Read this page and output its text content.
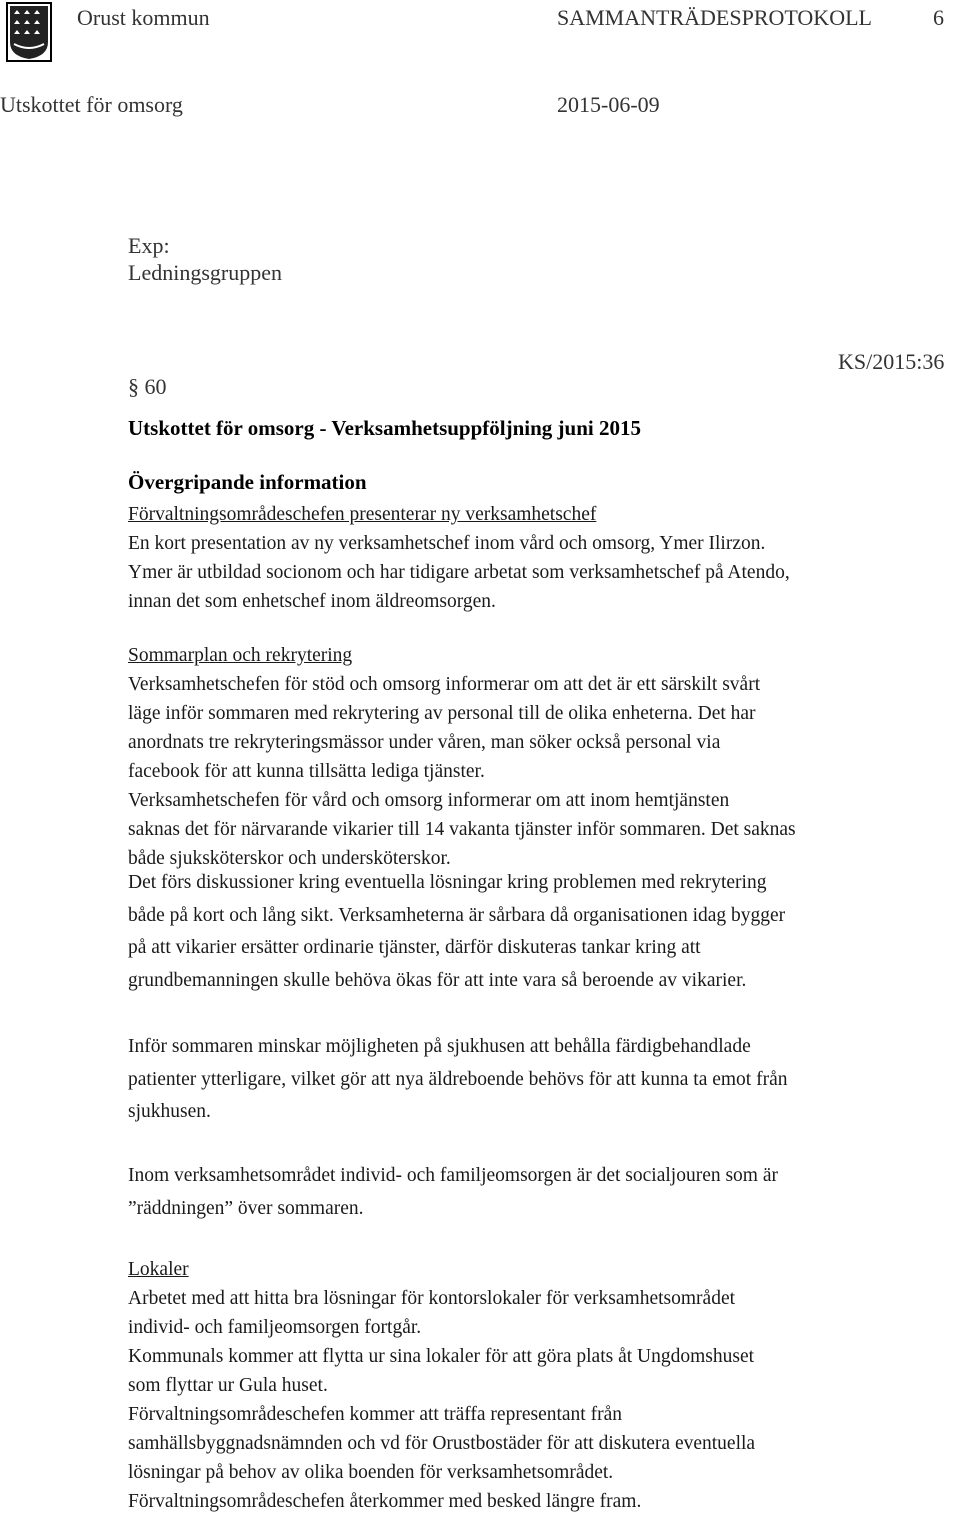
Orust kommun	SAMMANTRÄDESPROTOKOLL	6
Utskottet för omsorg	2015-06-09
Exp:
Ledningsgruppen
§ 60
KS/2015:36
Utskottet för omsorg - Verksamhetsuppföljning juni 2015
Övergripande information

Förvaltningsområdeschefen presenterar ny verksamhetschef

En kort presentation av ny verksamhetschef inom vård och omsorg, Ymer Ilirzon.

Ymer är utbildad socionom och har tidigare arbetat som verksamhetschef på Atendo,

innan det som enhetschef inom äldreomsorgen.

Sommarplan och rekrytering

Verksamhetschefen för stöd och omsorg informerar om att det är ett särskilt svårt

läge inför sommaren med rekrytering av personal till de olika enheterna. Det har

anordnats tre rekryteringsmässor under våren, man söker också personal via

facebook för att kunna tillsätta lediga tjänster.

Verksamhetschefen för vård och omsorg informerar om att inom hemtjänsten

saknas det för närvarande vikarier till 14 vakanta tjänster inför sommaren. Det saknas

både sjuksköterskor och undersköterskor.

Det förs diskussioner kring eventuella lösningar kring problemen med rekrytering

både på kort och lång sikt. Verksamheterna är sårbara då organisationen idag bygger

på att vikarier ersätter ordinarie tjänster, därför diskuteras tankar kring att

grundbemanningen skulle behöva ökas för att inte vara så beroende av vikarier.

Inför sommaren minskar möjligheten på sjukhusen att behålla färdigbehandlade

patienter ytterligare, vilket gör att nya äldreboende behövs för att kunna ta emot från

sjukhusen.

Inom verksamhetsområdet individ- och familjeomsorgen är det socialjouren som är

”räddningen” över sommaren.

Lokaler

Arbetet med att hitta bra lösningar för kontorslokaler för verksamhetsområdet

individ- och familjeomsorgen fortgår.

Kommunals kommer att flytta ur sina lokaler för att göra plats åt Ungdomshuset

som flyttar ur Gula huset.

Förvaltningsområdeschefen kommer att träffa representant från

samhällsbyggnadsnämnden och vd för Orustbostäder för att diskutera eventuella

lösningar på behov av olika boenden för verksamhetsområdet.

Förvaltningsområdeschefen återkommer med besked längre fram.
